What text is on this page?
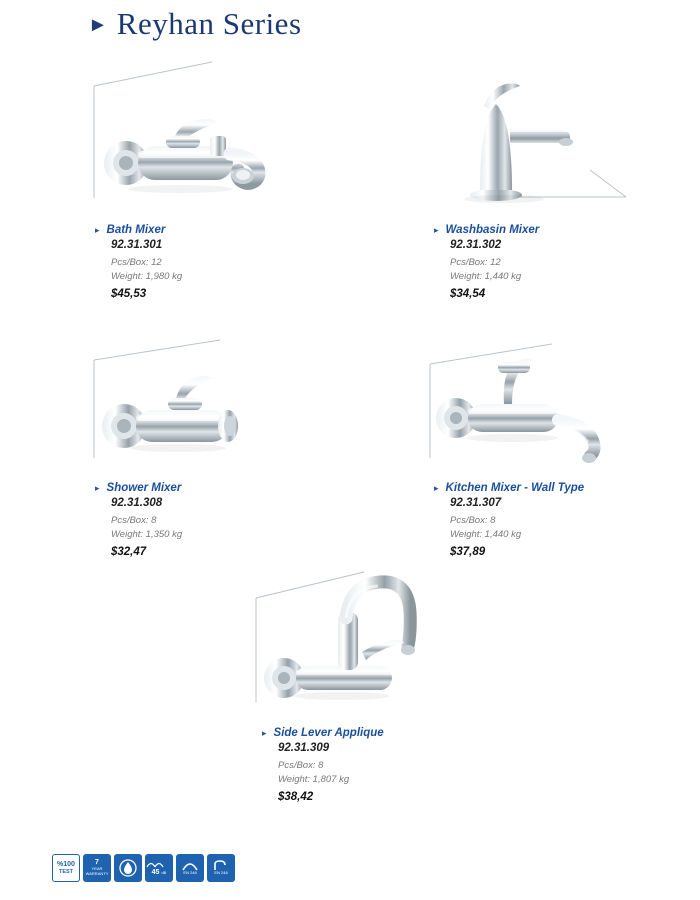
► Reyhan Series
▸ Bath Mixer
92.31.301
Pcs/Box: 12
Weight: 1,980 kg
$45,53
▸ Washbasin Mixer
92.31.302
Pcs/Box: 12
Weight: 1,440 kg
$34,54
▸ Shower Mixer
92.31.308
Pcs/Box: 8
Weight: 1,350 kg
$32,47
▸ Kitchen Mixer - Wall Type
92.31.307
Pcs/Box: 8
Weight: 1,440 kg
$37,89
▸ Side Lever Applique
92.31.309
Pcs/Box: 8
Weight: 1,807 kg
$38,42
%100
TEST
7
YEAR
WARRANTY	45 dB	EN 248	EN 248
